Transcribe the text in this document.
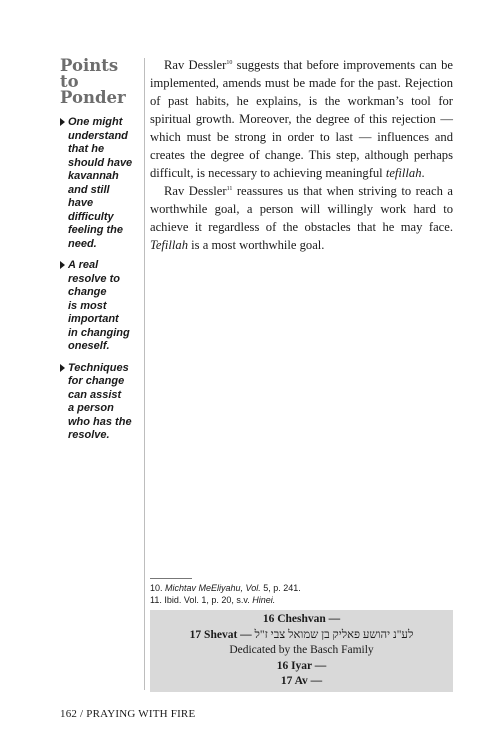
Points
to
Ponder
One might
understand
that he
should have
kavannah
and still
have
difficulty
feeling the
need.
A real
resolve to
change
is most
important
in changing
oneself.
Techniques
for change
can assist
a person
who has the
resolve.

Rav Dessler$^{10}$ suggests that before improvements can be implemented, amends must be made for the past. Rejection of past habits, he explains, is the workman’s tool for spiritual growth. Moreover, the degree of this rejection — which must be strong in order to last — influences and creates the degree of change. This step, although perhaps difficult, is necessary to achieving meaningful tefillah.

Rav Dessler$^{11}$ reassures us that when striving to reach a worthwhile goal, a person will willingly work hard to achieve it regardless of the obstacles that he may face. Tefillah is a most worthwhile goal.

10. Michtav MeEliyahu, Vol. 5, p. 241.
11. Ibid. Vol. 1, p. 20, s.v. Hinei.
16 Cheshvan —
17 Shevat — לע"נ יהושע פאליק בן שמואל צבי ז"ל
Dedicated by the Basch Family
16 Iyar —
17 Av —
162 / PRAYING WITH FIRE
